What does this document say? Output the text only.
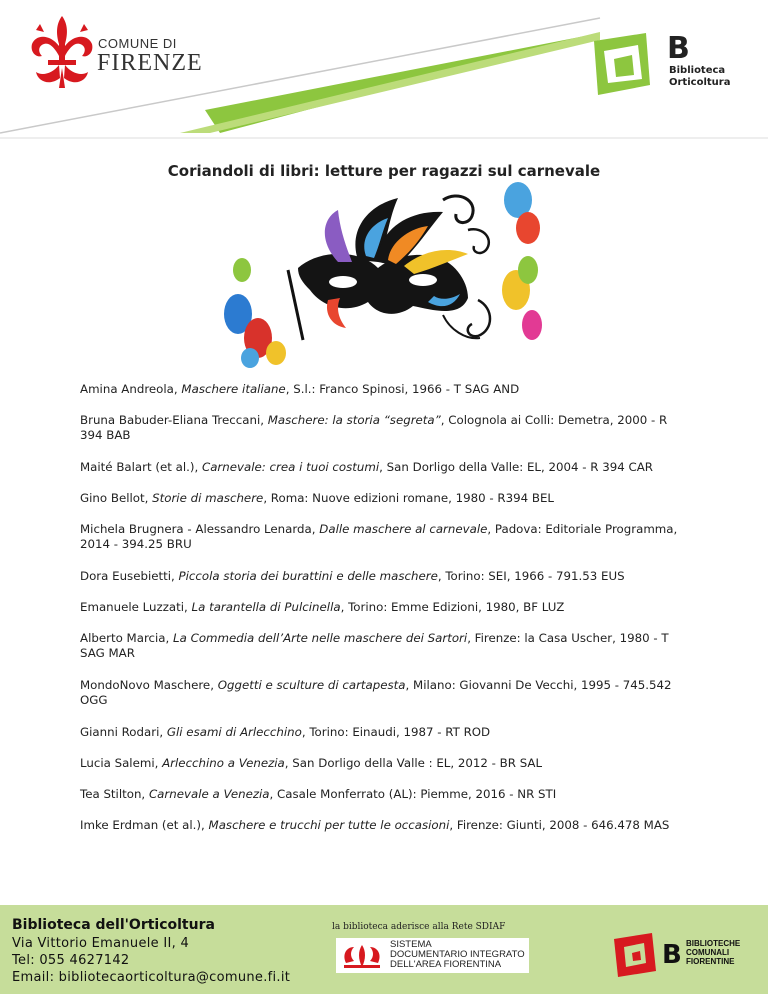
COMUNE DI
FIRENZE	B
Biblioteca
Orticoltura
Coriandoli di libri: letture per ragazzi sul carnevale
Amina Andreola, Maschere italiane, S.l.: Franco Spinosi, 1966 - T SAG AND
Bruna Babuder-Eliana Treccani, Maschere: la storia “segreta”, Colognola ai Colli: Demetra, 2000 - R 394 BAB
Maité Balart (et al.), Carnevale: crea i tuoi costumi, San Dorligo della Valle: EL, 2004 - R 394 CAR
Gino Bellot, Storie di maschere, Roma: Nuove edizioni romane, 1980 - R394 BEL
Michela Brugnera - Alessandro Lenarda, Dalle maschere al carnevale, Padova: Editoriale Programma, 2014 - 394.25 BRU
Dora Eusebietti, Piccola storia dei burattini e delle maschere, Torino: SEI, 1966 - 791.53 EUS
Emanuele Luzzati, La tarantella di Pulcinella, Torino: Emme Edizioni, 1980, BF LUZ
Alberto Marcia, La Commedia dell’Arte nelle maschere dei Sartori, Firenze: la Casa Uscher, 1980 - T SAG MAR
MondoNovo Maschere, Oggetti e sculture di cartapesta, Milano: Giovanni De Vecchi, 1995 - 745.542 OGG
Gianni Rodari, Gli esami di Arlecchino, Torino: Einaudi, 1987 - RT ROD
Lucia Salemi, Arlecchino a Venezia, San Dorligo della Valle : EL, 2012 - BR SAL
Tea Stilton, Carnevale a Venezia, Casale Monferrato (AL): Piemme, 2016 - NR STI
Imke Erdman (et al.), Maschere e trucchi per tutte le occasioni, Firenze: Giunti, 2008 - 646.478 MAS
Biblioteca dell'Orticoltura
Via Vittorio Emanuele II, 4
Tel: 055 4627142
Email: bibliotecaorticoltura@comune.fi.it
la biblioteca aderisce alla Rete SDIAF
SISTEMA
DOCUMENTARIO INTEGRATO
DELL'AREA FIORENTINA	B BIBLIOTECHE
COMUNALI
FIORENTINE
